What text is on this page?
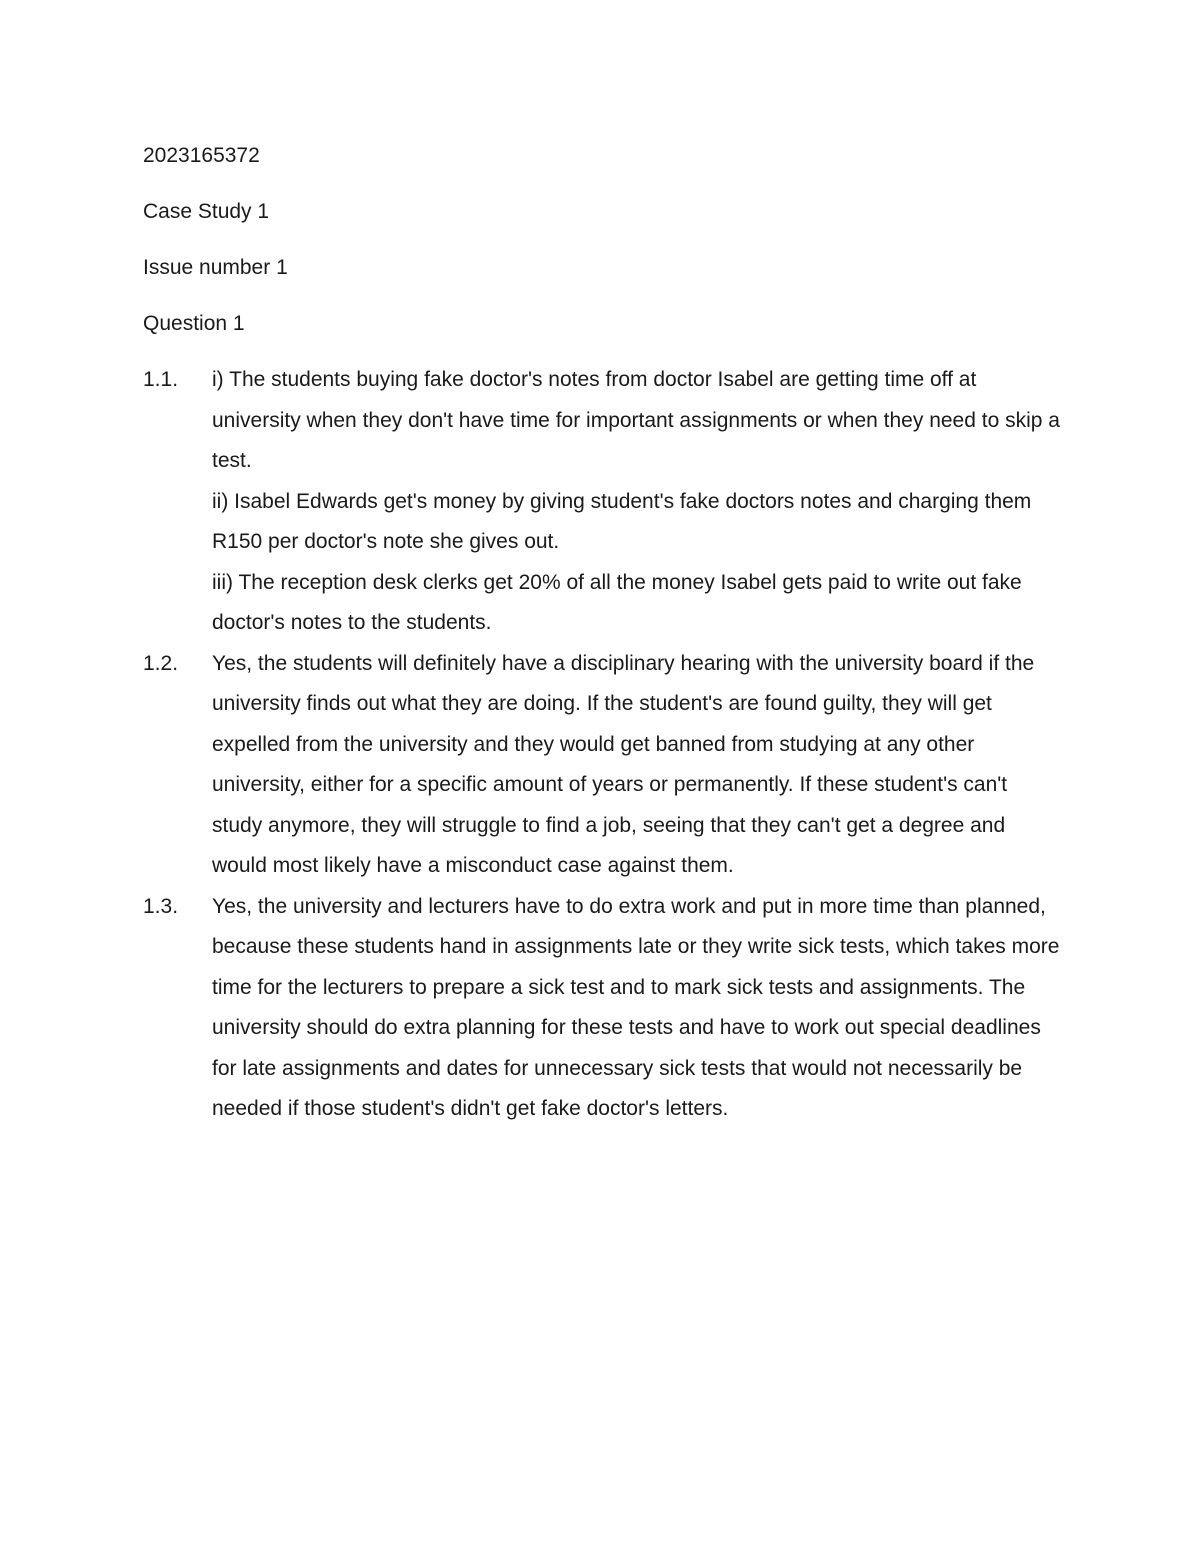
2023165372

Case Study 1

Issue number 1

Question 1

1.1.	i) The students buying fake doctor's notes from doctor Isabel are getting time off at university when they don't have time for important assignments or when they need to skip a test.

ii) Isabel Edwards get's money by giving student's fake doctors notes and charging them R150 per doctor's note she gives out.

iii) The reception desk clerks get 20% of all the money Isabel gets paid to write out fake doctor's notes to the students.

1.2.	Yes, the students will definitely have a disciplinary hearing with the university board if the university finds out what they are doing. If the student's are found guilty, they will get expelled from the university and they would get banned from studying at any other university, either for a specific amount of years or permanently. If these student's can't study anymore, they will struggle to find a job, seeing that they can't get a degree and would most likely have a misconduct case against them.

1.3.	Yes, the university and lecturers have to do extra work and put in more time than planned, because these students hand in assignments late or they write sick tests, which takes more time for the lecturers to prepare a sick test and to mark sick tests and assignments. The university should do extra planning for these tests and have to work out special deadlines for late assignments and dates for unnecessary sick tests that would not necessarily be needed if those student's didn't get fake doctor's letters.
